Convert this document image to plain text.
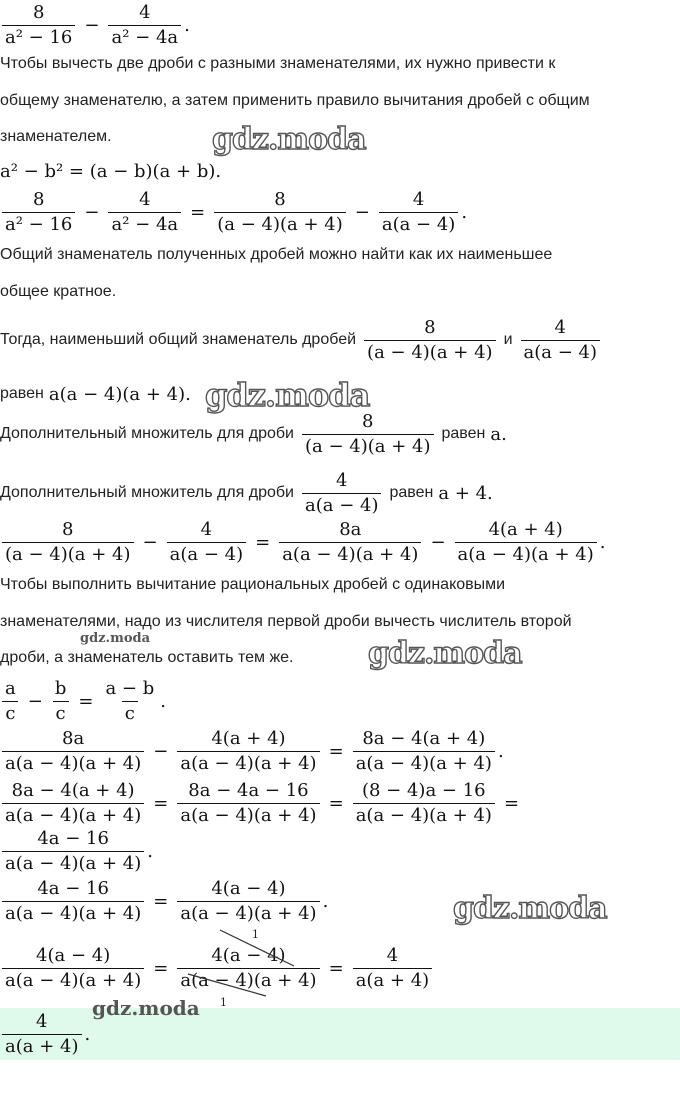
$\frac{8}{\text{a² − 16}} - \frac{4}{\text{a² − 4a}}$ .
Чтобы вычесть две дроби с разными знаменателями, их нужно привести к
общему знаменателю, а затем применить правило вычитания дробей с общим
знаменателем.
a² − b² = (a − b)(a + b).
$\frac{8}{\text{a² − 16}} - \frac{4}{\text{a² − 4a}} = \frac{8}{(a - 4)(a + 4)} - \frac{4}{a(a - 4)}$ .
Общий знаменатель полученных дробей можно найти как их наименьшее
общее кратное.
Тогда, наименьший общий знаменатель дробей $\frac{8}{(a - 4)(a + 4)}$ и $\frac{4}{a(a - 4)}$
равен a(a − 4)(a + 4).
Дополнительный множитель для дроби $\frac{8}{(a - 4)(a + 4)}$ равен a.
Дополнительный множитель для дроби $\frac{4}{a(a - 4)}$ равен a + 4.
$\frac{8}{(a - 4)(a + 4)} - \frac{4}{a(a - 4)} = \frac{8a}{a(a - 4)(a + 4)} - \frac{4(a + 4)}{a(a - 4)(a + 4)}$ .
Чтобы выполнить вычитание рациональных дробей с одинаковыми
знаменателями, надо из числителя первой дроби вычесть числитель второй
дроби, а знаменатель оставить тем же.
$\frac{a}{c} - \frac{b}{c} = \frac{a - b}{c}$ .
$\frac{8a}{a(a - 4)(a + 4)} - \frac{4(a + 4)}{a(a - 4)(a + 4)} = \frac{8a - 4(a + 4)}{a(a - 4)(a + 4)}$ .
$\frac{8a - 4(a + 4)}{a(a - 4)(a + 4)} = \frac{8a - 4a - 16}{a(a - 4)(a + 4)} = \frac{(8 - 4)a - 16}{a(a - 4)(a + 4)}$ =
$\frac{4a - 16}{a(a - 4)(a + 4)}$ .
$\frac{4a - 16}{a(a - 4)(a + 4)} = \frac{4(a - 4)}{a(a - 4)(a + 4)}$ .
$\frac{4(a - 4)}{a(a - 4)(a + 4)} = \frac{4(a - 4)}{a(a - 4)(a + 4)} = \frac{4}{a(a + 4)}$
1
$\frac{4}{a(a + 4)}$ .
gdz.moda
gdz.moda
gdz.moda	gdz.moda
gdz.moda
gdz.moda 1
